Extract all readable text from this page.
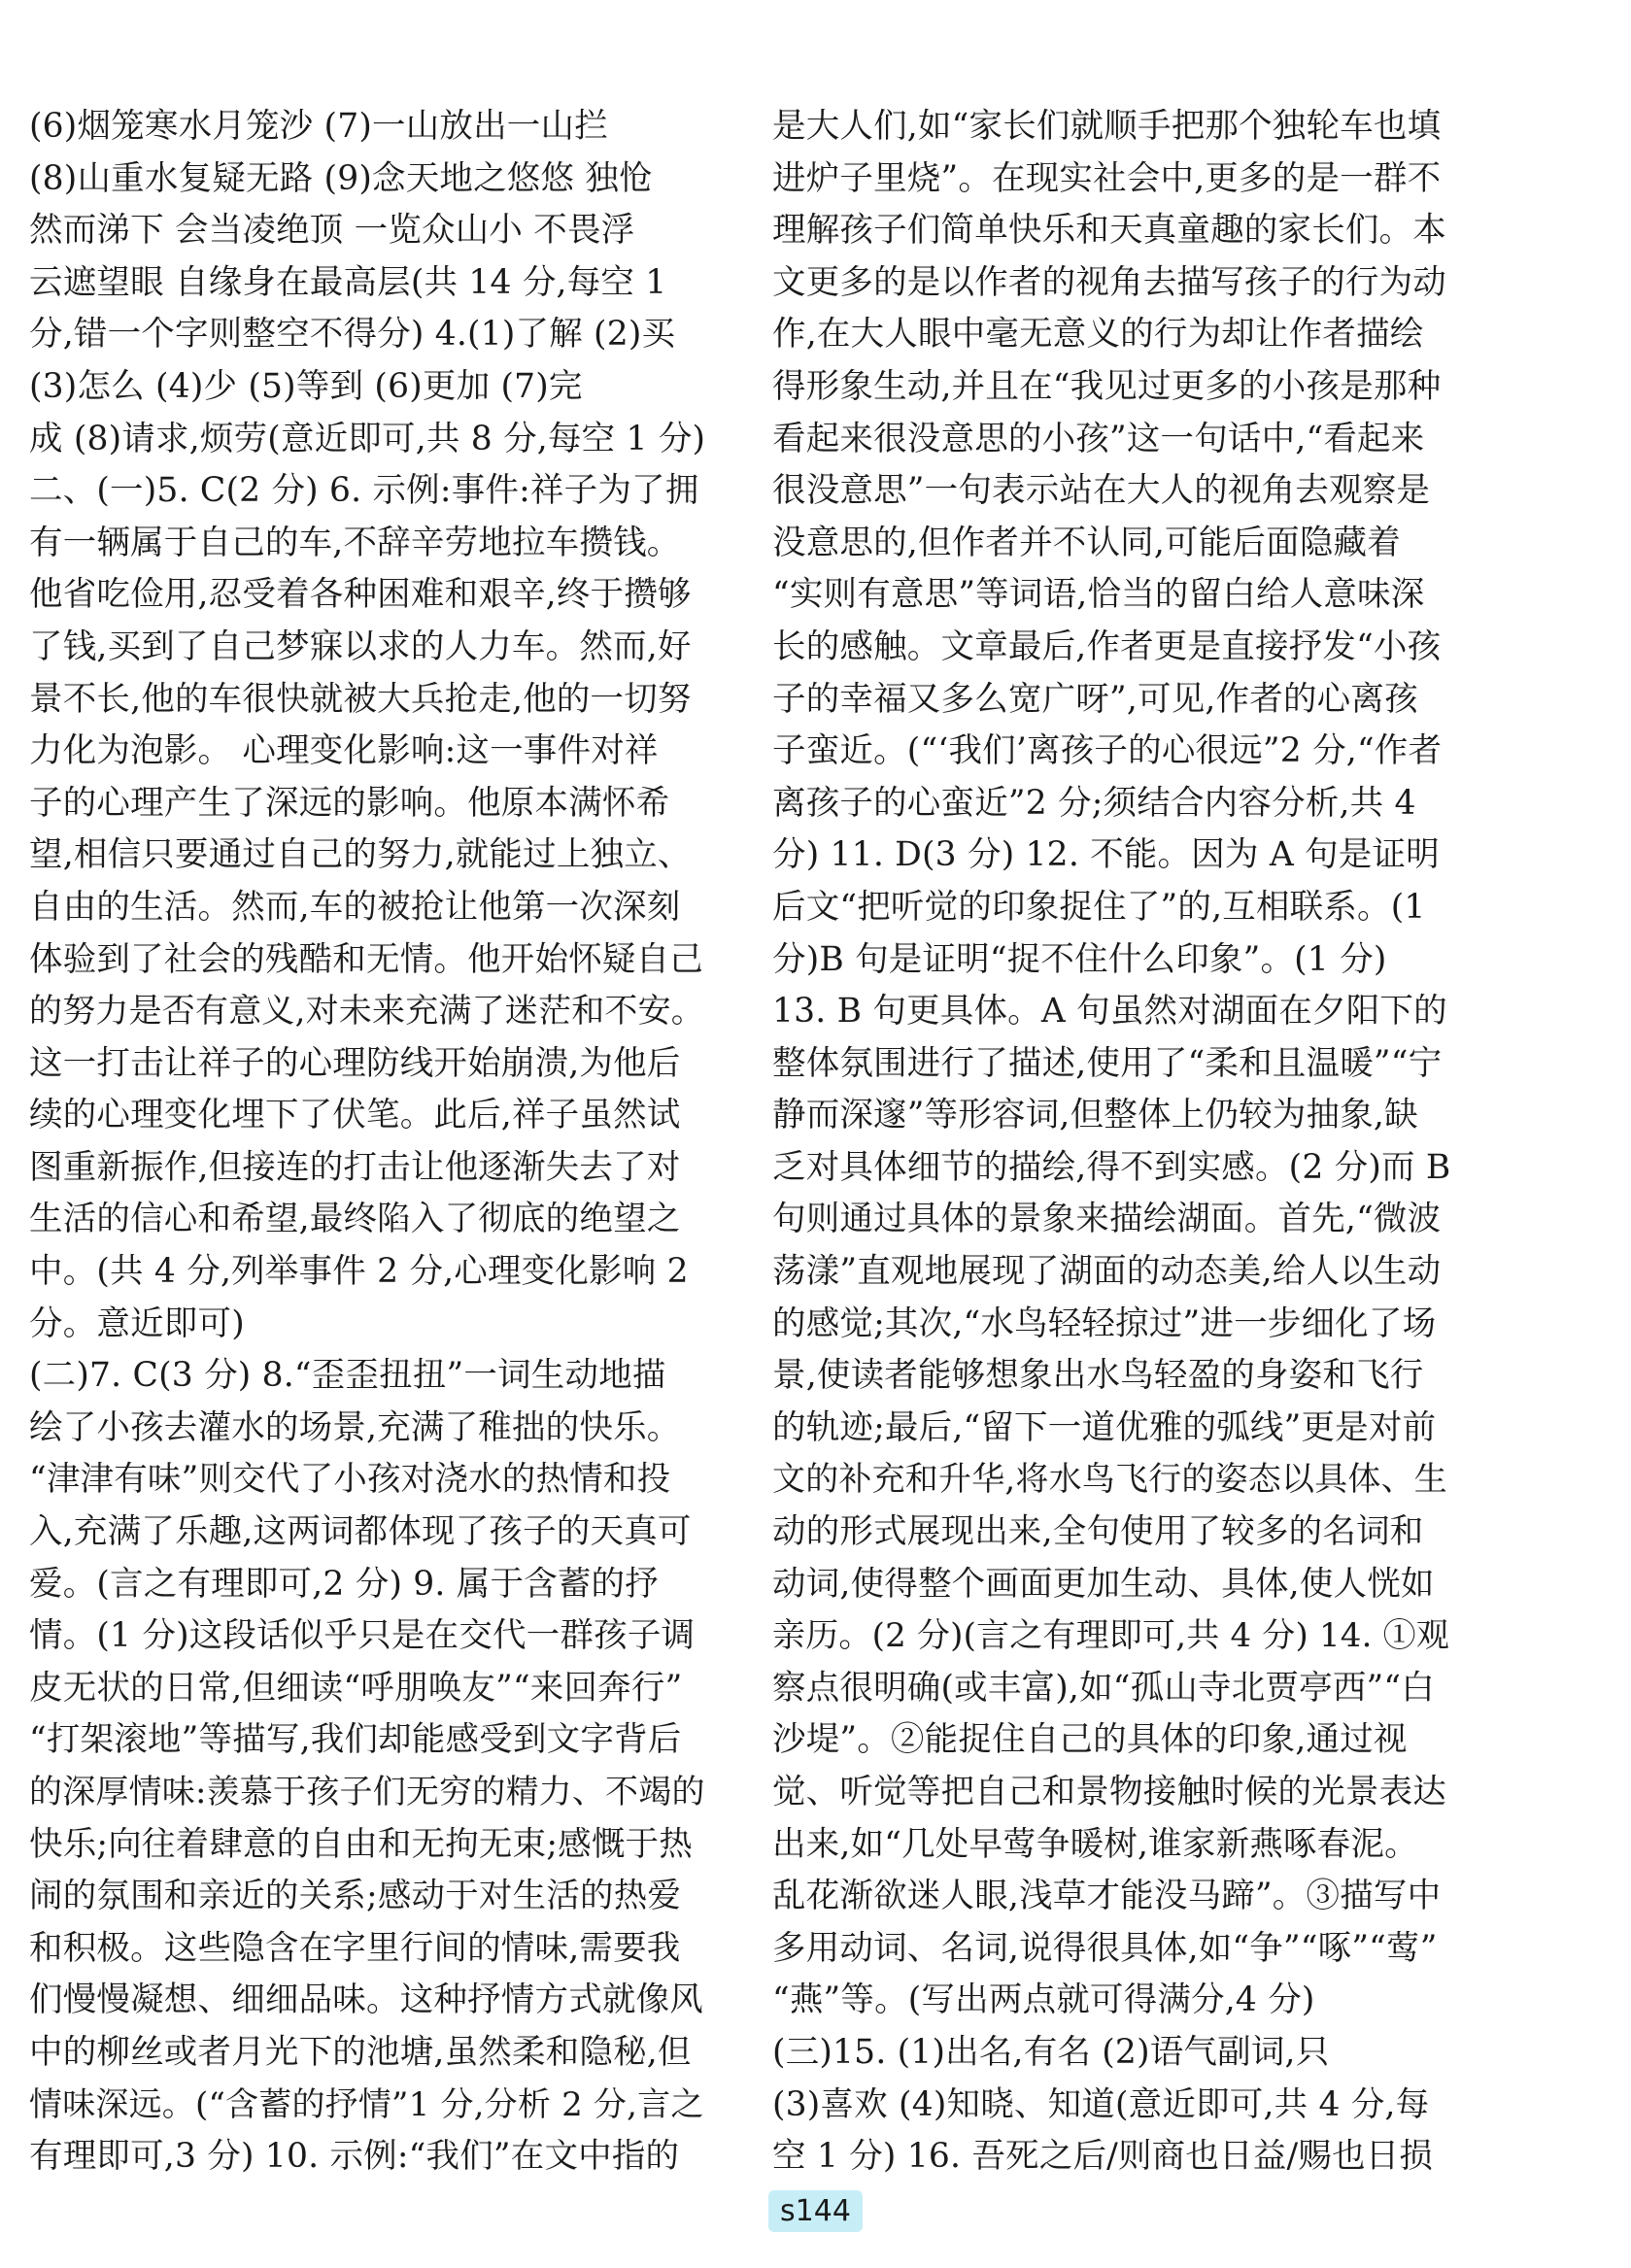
(6)烟笼寒水月笼沙 (7)一山放出一山拦
(8)山重水复疑无路 (9)念天地之悠悠 独怆
然而涕下 会当凌绝顶 一览众山小 不畏浮
云遮望眼 自缘身在最高层(共 14 分,每空 1
分,错一个字则整空不得分) 4.(1)了解 (2)买
(3)怎么 (4)少 (5)等到 (6)更加 (7)完
成 (8)请求,烦劳(意近即可,共 8 分,每空 1 分)
二、(一)5. C(2 分) 6. 示例:事件:祥子为了拥
有一辆属于自己的车,不辞辛劳地拉车攒钱。
他省吃俭用,忍受着各种困难和艰辛,终于攒够
了钱,买到了自己梦寐以求的人力车。然而,好
景不长,他的车很快就被大兵抢走,他的一切努
力化为泡影。 心理变化影响:这一事件对祥
子的心理产生了深远的影响。他原本满怀希
望,相信只要通过自己的努力,就能过上独立、
自由的生活。然而,车的被抢让他第一次深刻
体验到了社会的残酷和无情。他开始怀疑自己
的努力是否有意义,对未来充满了迷茫和不安。
这一打击让祥子的心理防线开始崩溃,为他后
续的心理变化埋下了伏笔。此后,祥子虽然试
图重新振作,但接连的打击让他逐渐失去了对
生活的信心和希望,最终陷入了彻底的绝望之
中。(共 4 分,列举事件 2 分,心理变化影响 2
分。意近即可)
(二)7. C(3 分) 8.“歪歪扭扭”一词生动地描
绘了小孩去灌水的场景,充满了稚拙的快乐。
“津津有味”则交代了小孩对浇水的热情和投
入,充满了乐趣,这两词都体现了孩子的天真可
爱。(言之有理即可,2 分) 9. 属于含蓄的抒
情。(1 分)这段话似乎只是在交代一群孩子调
皮无状的日常,但细读“呼朋唤友”“来回奔行”
“打架滚地”等描写,我们却能感受到文字背后
的深厚情味:羡慕于孩子们无穷的精力、不竭的
快乐;向往着肆意的自由和无拘无束;感慨于热
闹的氛围和亲近的关系;感动于对生活的热爱
和积极。这些隐含在字里行间的情味,需要我
们慢慢凝想、细细品味。这种抒情方式就像风
中的柳丝或者月光下的池塘,虽然柔和隐秘,但
情味深远。(“含蓄的抒情”1 分,分析 2 分,言之
有理即可,3 分) 10. 示例:“我们”在文中指的
是大人们,如“家长们就顺手把那个独轮车也填
进炉子里烧”。在现实社会中,更多的是一群不
理解孩子们简单快乐和天真童趣的家长们。本
文更多的是以作者的视角去描写孩子的行为动
作,在大人眼中毫无意义的行为却让作者描绘
得形象生动,并且在“我见过更多的小孩是那种
看起来很没意思的小孩”这一句话中,“看起来
很没意思”一句表示站在大人的视角去观察是
没意思的,但作者并不认同,可能后面隐藏着
“实则有意思”等词语,恰当的留白给人意味深
长的感触。文章最后,作者更是直接抒发“小孩
子的幸福又多么宽广呀”,可见,作者的心离孩
子蛮近。(“‘我们’离孩子的心很远”2 分,“作者
离孩子的心蛮近”2 分;须结合内容分析,共 4
分) 11. D(3 分) 12. 不能。因为 A 句是证明
后文“把听觉的印象捉住了”的,互相联系。(1
分)B 句是证明“捉不住什么印象”。(1 分)
13. B 句更具体。A 句虽然对湖面在夕阳下的
整体氛围进行了描述,使用了“柔和且温暖”“宁
静而深邃”等形容词,但整体上仍较为抽象,缺
乏对具体细节的描绘,得不到实感。(2 分)而 B
句则通过具体的景象来描绘湖面。首先,“微波
荡漾”直观地展现了湖面的动态美,给人以生动
的感觉;其次,“水鸟轻轻掠过”进一步细化了场
景,使读者能够想象出水鸟轻盈的身姿和飞行
的轨迹;最后,“留下一道优雅的弧线”更是对前
文的补充和升华,将水鸟飞行的姿态以具体、生
动的形式展现出来,全句使用了较多的名词和
动词,使得整个画面更加生动、具体,使人恍如
亲历。(2 分)(言之有理即可,共 4 分) 14. ①观
察点很明确(或丰富),如“孤山寺北贾亭西”“白
沙堤”。②能捉住自己的具体的印象,通过视
觉、听觉等把自己和景物接触时候的光景表达
出来,如“几处早莺争暖树,谁家新燕啄春泥。
乱花渐欲迷人眼,浅草才能没马蹄”。③描写中
多用动词、名词,说得很具体,如“争”“啄”“莺”
“燕”等。(写出两点就可得满分,4 分)
(三)15. (1)出名,有名 (2)语气副词,只
(3)喜欢 (4)知晓、知道(意近即可,共 4 分,每
空 1 分) 16. 吾死之后/则商也日益/赐也日损
s144
